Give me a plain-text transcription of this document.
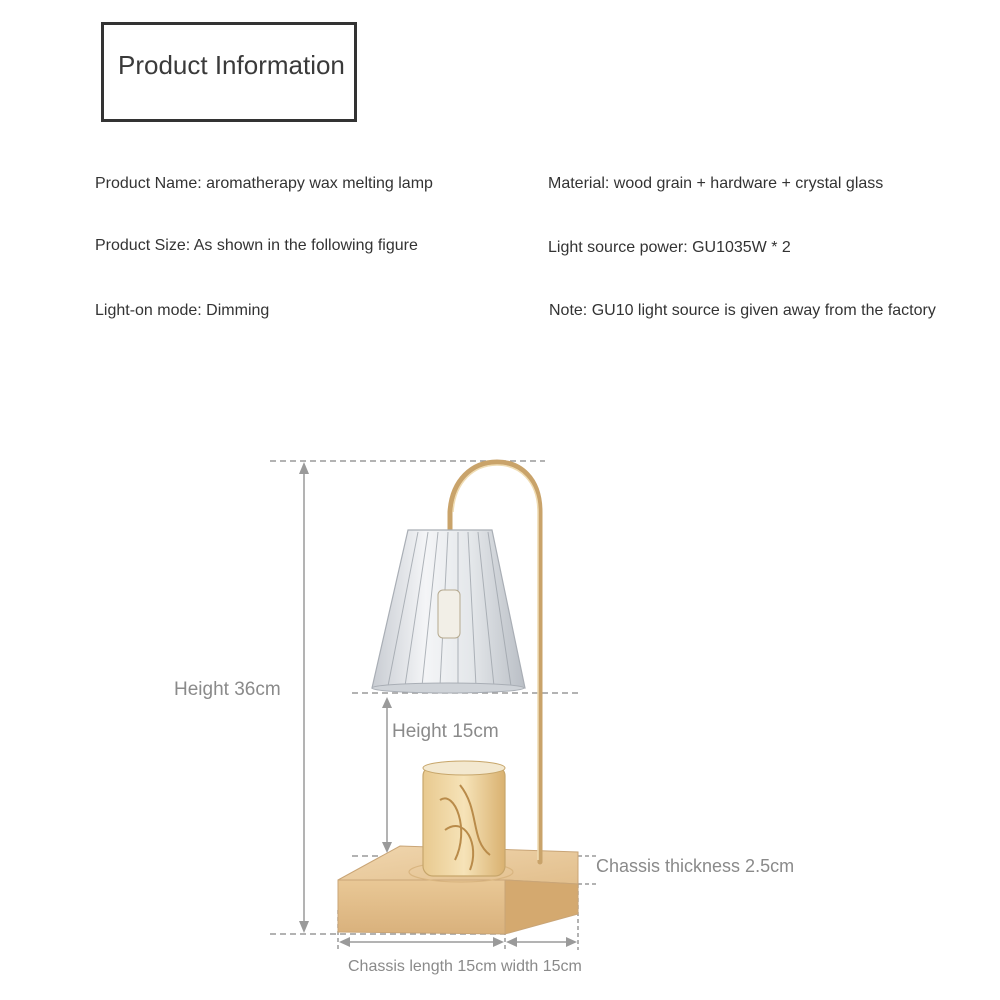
Product Information
Product Name: aromatherapy wax melting lamp	Material: wood grain + hardware + crystal glass
Product Size: As shown in the following figure	Light source power: GU1035W * 2
Light-on mode: Dimming	Note: GU10 light source is given away from the factory
Height 36cm
Height 15cm
Chassis thickness 2.5cm
Chassis length 15cm width 15cm
